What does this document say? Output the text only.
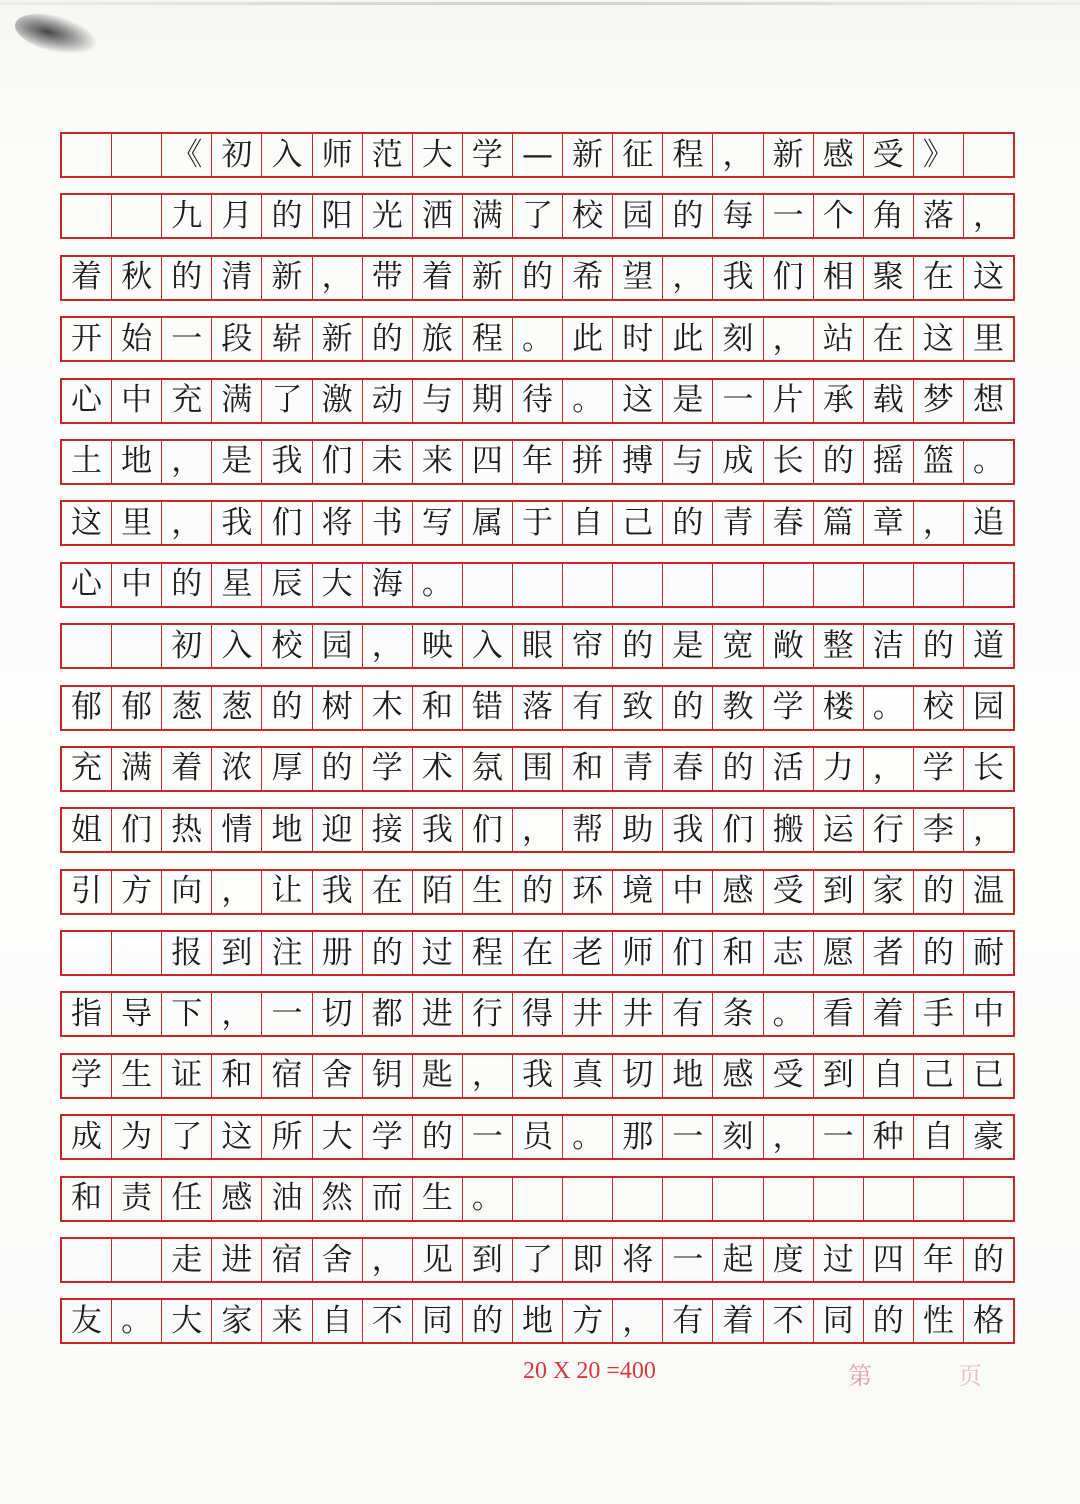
《 初 入 师 范 大 学 — 新 征 程 ， 新 感 受 》
九 月 的 阳 光 洒 满 了 校 园 的 每 一 个 角 落 ，
着 秋 的 清 新 ， 带 着 新 的 希 望 ， 我 们 相 聚 在 这
开 始 一 段 崭 新 的 旅 程 。 此 时 此 刻 ， 站 在 这 里
心 中 充 满 了 激 动 与 期 待 。 这 是 一 片 承 载 梦 想
土 地 ， 是 我 们 未 来 四 年 拼 搏 与 成 长 的 摇 篮 。
这 里 ， 我 们 将 书 写 属 于 自 己 的 青 春 篇 章 ， 追
心 中 的 星 辰 大 海 。
初 入 校 园 ， 映 入 眼 帘 的 是 宽 敞 整 洁 的 道
郁 郁 葱 葱 的 树 木 和 错 落 有 致 的 教 学 楼 。 校 园
充 满 着 浓 厚 的 学 术 氛 围 和 青 春 的 活 力 ， 学 长
姐 们 热 情 地 迎 接 我 们 ， 帮 助 我 们 搬 运 行 李 ，
引 方 向 ， 让 我 在 陌 生 的 环 境 中 感 受 到 家 的 温
报 到 注 册 的 过 程 在 老 师 们 和 志 愿 者 的 耐
指 导 下 ， 一 切 都 进 行 得 井 井 有 条 。 看 着 手 中
学 生 证 和 宿 舍 钥 匙 ， 我 真 切 地 感 受 到 自 己 已
成 为 了 这 所 大 学 的 一 员 。 那 一 刻 ， 一 种 自 豪
和 责 任 感 油 然 而 生 。
走 进 宿 舍 ， 见 到 了 即 将 一 起 度 过 四 年 的
友 。 大 家 来 自 不 同 的 地 方 ， 有 着 不 同 的 性 格
20 X 20 =400	第	页
